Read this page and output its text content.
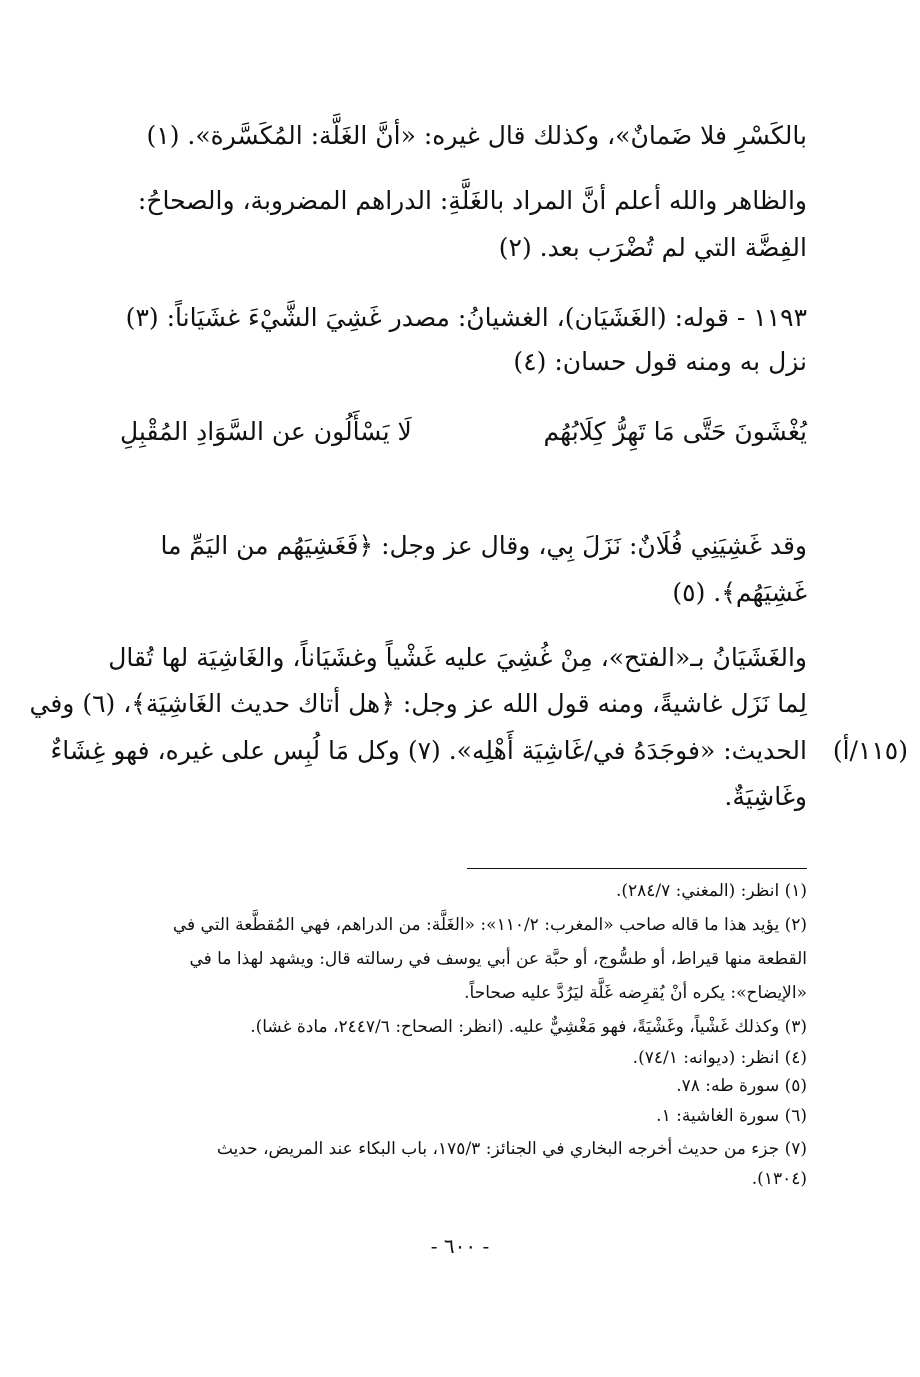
بالكَسْرِ فلا ضَمانٌ»، وكذلك قال غيره: «أنَّ الغَلَّة: المُكَسَّرة». (١)
والظاهر والله أعلم أنَّ المراد بالغَلَّةِ: الدراهم المضروبة، والصحاحُ:
الفِضَّة التي لم تُضْرَب بعد. (٢)
١١٩٣ - قوله: (الغَشَيَان)، الغشيانُ: مصدر غَشِيَ الشَّيْءَ غشَيَاناً: (٣)
نزل به ومنه قول حسان: (٤)
يُغْشَونَ حَتَّى مَا تَهِرُّ كِلَابُهُم
لَا يَسْأَلُون عن السَّوَادِ المُقْبِلِ
وقد غَشِيَنِي فُلَانٌ: نَزَلَ بِي، وقال عز وجل: ﴿فَغَشِيَهُم من اليَمِّ ما
غَشِيَهُم﴾. (٥)
والغَشَيَانُ بـ«الفتح»، مِنْ غُشِيَ عليه غَشْياً وغشَيَاناً، والغَاشِيَة لها تُقال
لِما نَزَل غاشيةً، ومنه قول الله عز وجل: ﴿هل أتاك حديث الغَاشِيَة﴾، (٦) وفي
الحديث: «فوجَدَهُ في/غَاشِيَة أَهْلِه». (٧) وكل مَا لُبِس على غيره، فهو غِشَاءٌ
وغَاشِيَةٌ.
(١١٥/أ)
(١) انظر: (المغني: ٢٨٤/٧).
(٢) يؤيد هذا ما قاله صاحب «المغرب: ١١٠/٢»: «الغَلَّة: من الدراهم، فهي المُقطَّعة التي في
القطعة منها قيراط، أو طسُّوج، أو حبَّة عن أبي يوسف في رسالته قال: ويشهد لهذا ما في
«الإيضاح»: يكره أنْ يُقرِضه غَلَّة ليَرُدَّ عليه صحاحاً.
(٣) وكذلك غَشْياً، وغَشْيَةً، فهو مَغْشِيٌّ عليه. (انظر: الصحاح: ٢٤٤٧/٦، مادة غشا).
(٤) انظر: (ديوانه: ٧٤/١).
(٥) سورة طه: ٧٨.
(٦) سورة الغاشية: ١.
(٧) جزء من حديث أخرجه البخاري في الجنائز: ١٧٥/٣، باب البكاء عند المريض، حديث
(١٣٠٤).
- ٦٠٠ -
